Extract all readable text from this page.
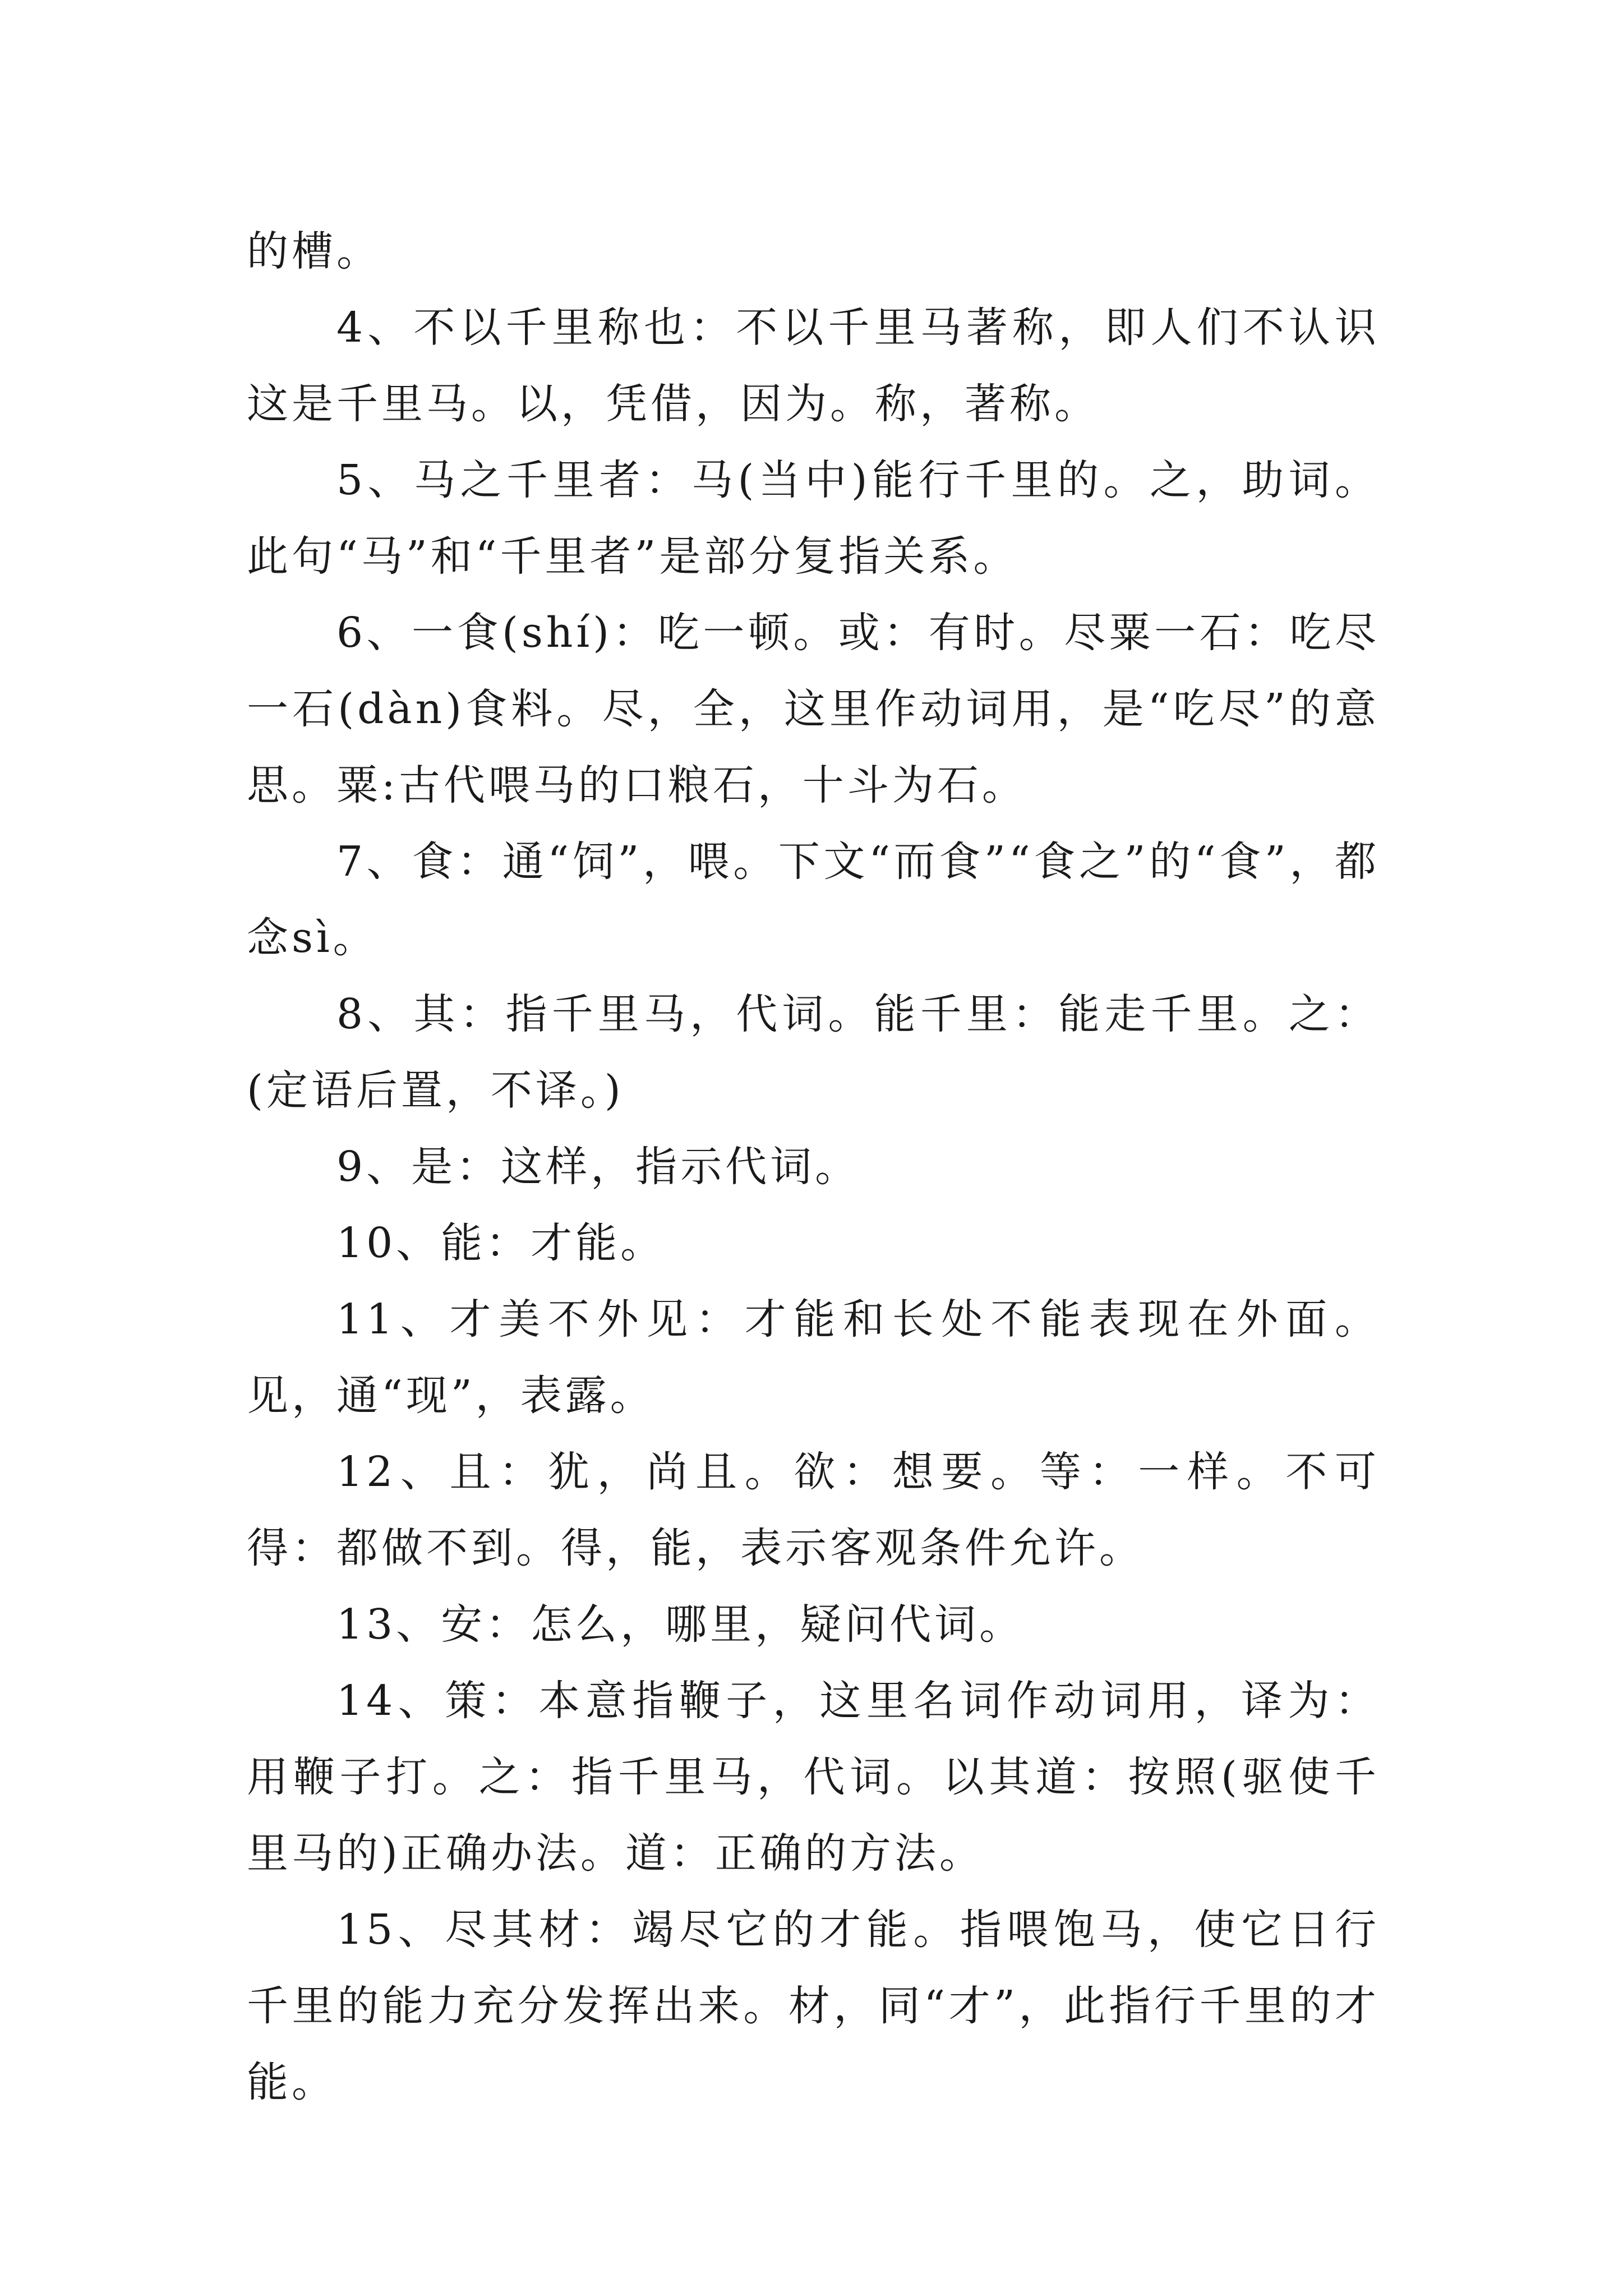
的槽。

4、不以千里称也：不以千里马著称，即人们不认识这是千里马。以，凭借，因为。称，著称。

5、马之千里者：马(当中)能行千里的。之，助词。此句“马”和“千里者”是部分复指关系。

6、一食(shí)：吃一顿。或：有时。尽粟一石：吃尽一石(dàn)食料。尽，全，这里作动词用，是“吃尽”的意思。粟:古代喂马的口粮石，十斗为石。

7、食：通“饲”，喂。下文“而食”“食之”的“食”，都念sì。

8、其：指千里马，代词。能千里：能走千里。之：(定语后置，不译。)

9、是：这样，指示代词。

10、能：才能。

11、才美不外见：才能和长处不能表现在外面。见，通“现”，表露。

12、且：犹，尚且。欲：想要。等：一样。不可得：都做不到。得，能，表示客观条件允许。

13、安：怎么，哪里，疑问代词。

14、策：本意指鞭子，这里名词作动词用，译为：用鞭子打。之：指千里马，代词。以其道：按照(驱使千里马的)正确办法。道：正确的方法。

15、尽其材：竭尽它的才能。指喂饱马，使它日行千里的能力充分发挥出来。材，同“才”，此指行千里的才能。
